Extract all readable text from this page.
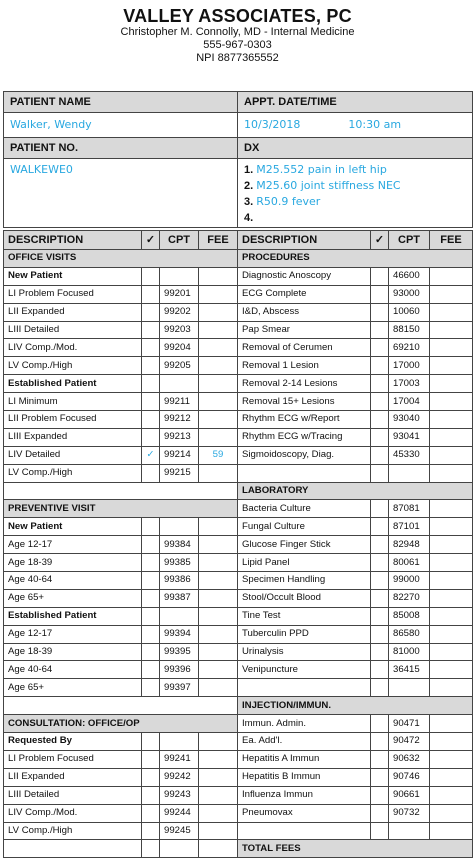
VALLEY ASSOCIATES, PC
Christopher M. Connolly, MD - Internal Medicine
555-967-0303
NPI 8877365552
PATIENT NAME	APPT. DATE/TIME
Walker, Wendy	10/3/2018 10:30 am
PATIENT NO.	DX
WALKEWE0	1. M25.552 pain in left hip
2. M25.60 joint stiffness NEC
3. R50.9 fever
4.
DESCRIPTION	✓	CPT	FEE	DESCRIPTION	✓	CPT	FEE
OFFICE VISITS				PROCEDURES			
New Patient				Diagnostic Anoscopy		46600	
LI Problem Focused		99201		ECG Complete		93000	
LII Expanded		99202		I&D, Abscess		10060	
LIII Detailed		99203		Pap Smear		88150	
LIV Comp./Mod.		99204		Removal of Cerumen		69210	
LV Comp./High		99205		Removal 1 Lesion		17000	
Established Patient				Removal 2-14 Lesions		17003	
LI Minimum		99211		Removal 15+ Lesions		17004	
LII Problem Focused		99212		Rhythm ECG w/Report		93040	
LIII Expanded		99213		Rhythm ECG w/Tracing		93041	
LIV Detailed	✓	99214	59	Sigmoidoscopy, Diag.		45330	
LV Comp./High		99215					
				LABORATORY			
PREVENTIVE VISIT				Bacteria Culture		87081	
New Patient				Fungal Culture		87101	
Age 12-17		99384		Glucose Finger Stick		82948	
Age 18-39		99385		Lipid Panel		80061	
Age 40-64		99386		Specimen Handling		99000	
Age 65+		99387		Stool/Occult Blood		82270	
Established Patient				Tine Test		85008	
Age 12-17		99394		Tuberculin PPD		86580	
Age 18-39		99395		Urinalysis		81000	
Age 40-64		99396		Venipuncture		36415	
Age 65+		99397					
				INJECTION/IMMUN.			
CONSULTATION: OFFICE/OP				Immun. Admin.		90471	
Requested By				Ea. Add'l.		90472	
LI Problem Focused		99241		Hepatitis A Immun		90632	
LII Expanded		99242		Hepatitis B Immun		90746	
LIII Detailed		99243		Influenza Immun		90661	
LIV Comp./Mod.		99244		Pneumovax		90732	
LV Comp./High		99245					
				TOTAL FEES			
